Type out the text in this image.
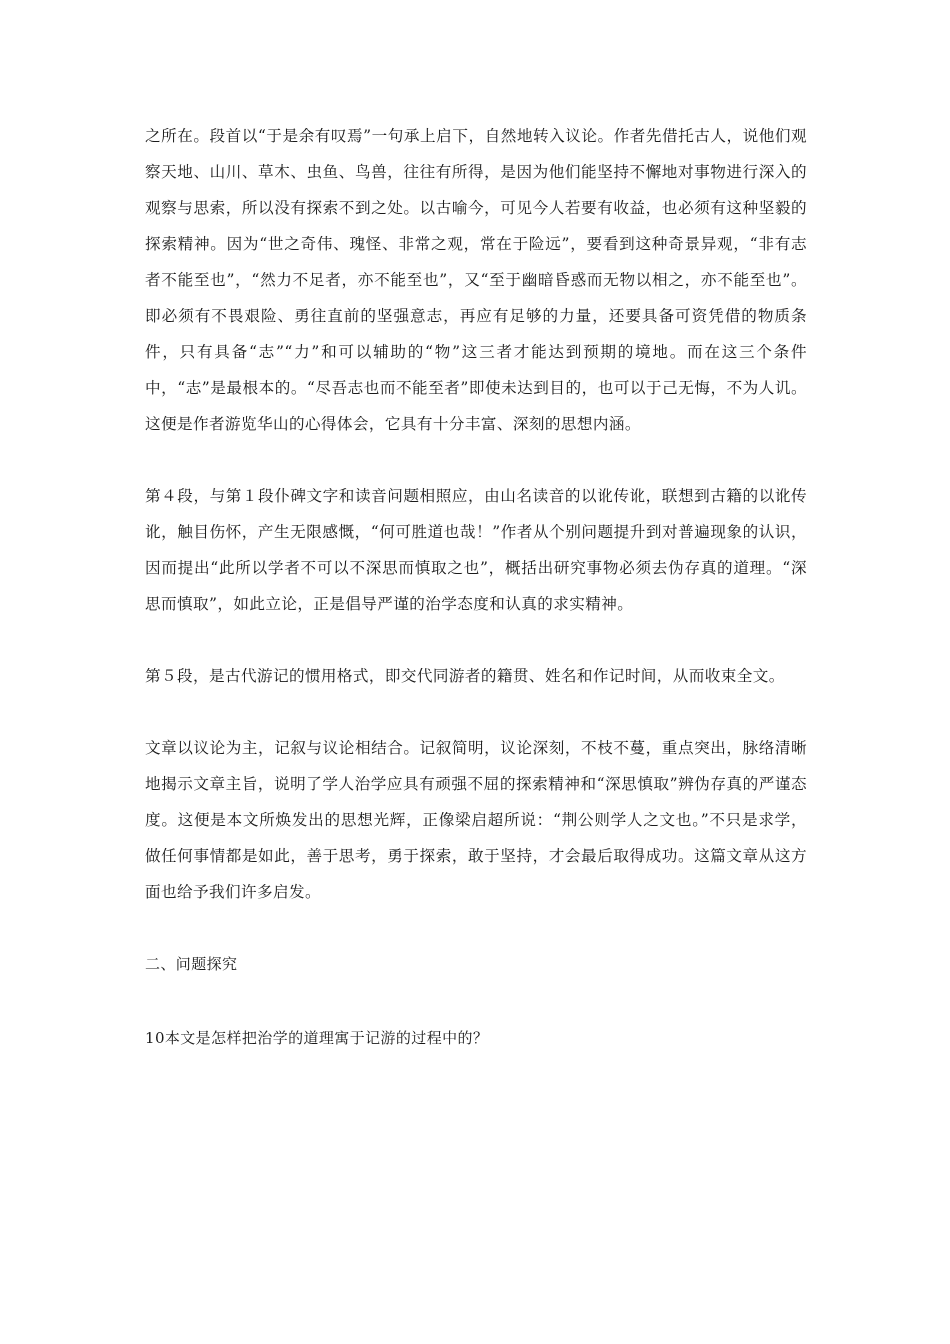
之所在。段首以“于是余有叹焉”一句承上启下，自然地转入议论。作者先借托古人，说他们观察天地、山川、草木、虫鱼、鸟兽，往往有所得，是因为他们能坚持不懈地对事物进行深入的观察与思索，所以没有探索不到之处。以古喻今，可见今人若要有收益，也必须有这种坚毅的探索精神。因为“世之奇伟、瑰怪、非常之观，常在于险远”，要看到这种奇景异观，“非有志者不能至也”，“然力不足者，亦不能至也”，又“至于幽暗昏惑而无物以相之，亦不能至也”。即必须有不畏艰险、勇往直前的坚强意志，再应有足够的力量，还要具备可资凭借的物质条件，只有具备“志”“力”和可以辅助的“物”这三者才能达到预期的境地。而在这三个条件中，“志”是最根本的。“尽吾志也而不能至者”即使未达到目的，也可以于己无悔，不为人讥。这便是作者游览华山的心得体会，它具有十分丰富、深刻的思想内涵。

第４段，与第１段仆碑文字和读音问题相照应，由山名读音的以讹传讹，联想到古籍的以讹传讹，触目伤怀，产生无限感慨，“何可胜道也哉！”作者从个别问题提升到对普遍现象的认识，因而提出“此所以学者不可以不深思而慎取之也”，概括出研究事物必须去伪存真的道理。“深思而慎取”，如此立论，正是倡导严谨的治学态度和认真的求实精神。

第５段，是古代游记的惯用格式，即交代同游者的籍贯、姓名和作记时间，从而收束全文。

文章以议论为主，记叙与议论相结合。记叙简明，议论深刻，不枝不蔓，重点突出，脉络清晰地揭示文章主旨，说明了学人治学应具有顽强不屈的探索精神和“深思慎取”辨伪存真的严谨态度。这便是本文所焕发出的思想光辉，正像梁启超所说：“荆公则学人之文也。”不只是求学，做任何事情都是如此，善于思考，勇于探索，敢于坚持，才会最后取得成功。这篇文章从这方面也给予我们许多启发。

二、问题探究

10本文是怎样把治学的道理寓于记游的过程中的？
